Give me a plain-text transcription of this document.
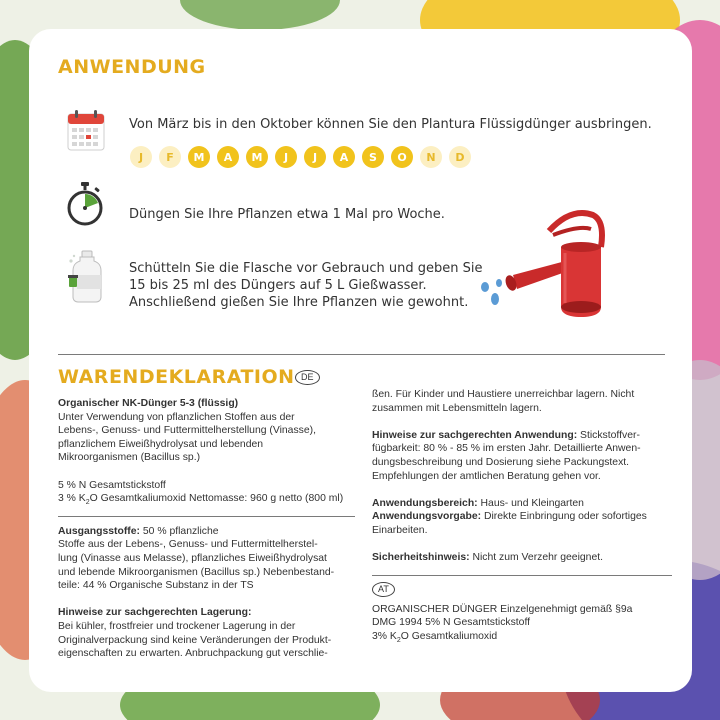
ANWENDUNG
Von März bis in den Oktober können Sie den Plantura Flüssigdünger ausbringen.
J	F	M	A	M	J	J	A	S	O	N	D
Düngen Sie Ihre Pflanzen etwa 1 Mal pro Woche.
Schütteln Sie die Flasche vor Gebrauch und geben Sie
15 bis 25 ml des Düngers auf 5 L Gießwasser.
Anschließend gießen Sie Ihre Pflanzen wie gewohnt.
WARENDEKLARATION DE

Organischer NK-Dünger 5-3 (flüssig)

Unter Verwendung von pflanzlichen Stoffen aus der

Lebens-, Genuss- und Futtermittelherstellung (Vinasse),

pflanzlichem Eiweißhydrolysat und lebenden

Mikroorganismen (Bacillus sp.)

5 % N Gesamtstickstoff

3 % $K_2O$ Gesamtkaliumoxid Nettomasse: 960 g netto (800 ml)

Ausgangsstoffe: 50 % pflanzliche

Stoffe aus der Lebens-, Genuss- und Futtermittelherstel-

lung (Vinasse aus Melasse), pflanzliches Eiweißhydrolysat

und lebende Mikroorganismen (Bacillus sp.) Nebenbestand-

teile: 44 % Organische Substanz in der TS

Hinweise zur sachgerechten Lagerung:

Bei kühler, frostfreier und trockener Lagerung in der

Originalverpackung sind keine Veränderungen der Produkt-

eigenschaften zu erwarten. Anbruchpackung gut verschlie-

ßen. Für Kinder und Haustiere unerreichbar lagern. Nicht

zusammen mit Lebensmitteln lagern.

Hinweise zur sachgerechten Anwendung: Stickstoffver-

fügbarkeit: 80 % - 85 % im ersten Jahr. Detaillierte Anwen-

dungsbeschreibung und Dosierung siehe Packungstext.

Empfehlungen der amtlichen Beratung gehen vor.

Anwendungsbereich: Haus- und Kleingarten

Anwendungsvorgabe: Direkte Einbringung oder sofortiges

Einarbeiten.

Sicherheitshinweis: Nicht zum Verzehr geeignet.

AT

ORGANISCHER DÜNGER Einzelgenehmigt gemäß §9a

DMG 1994 5% N Gesamtstickstoff

3% $K_2O$ Gesamtkaliumoxid
